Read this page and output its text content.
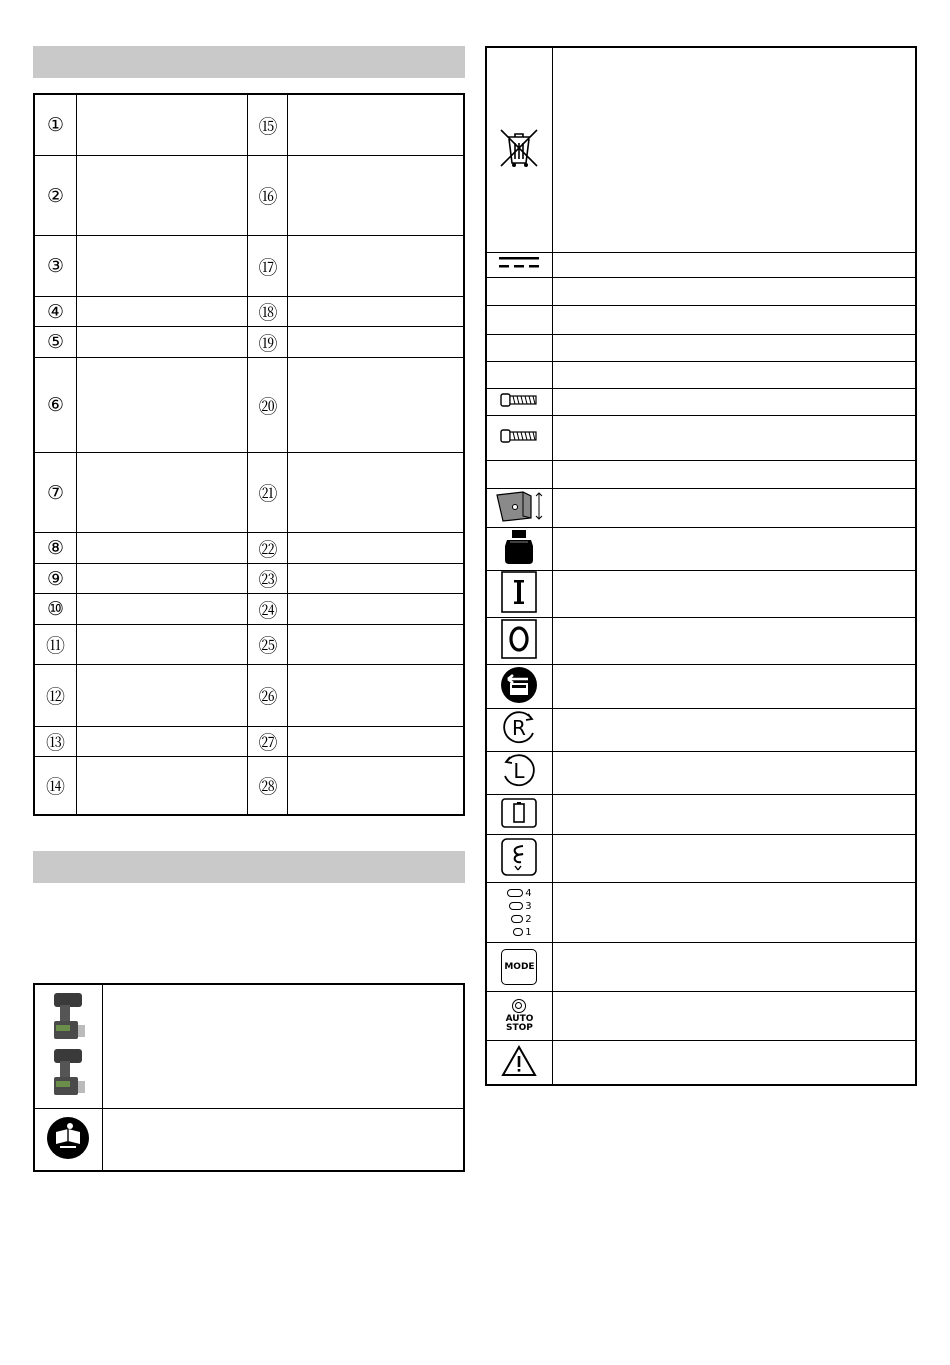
①		⑮	
②		⑯	
③		⑰	
④		⑱	
⑤		⑲	
⑥		⑳	
⑦		㉑	
⑧		㉒	
⑨		㉓	
⑩		㉔	
⑪		㉕	
⑫		㉖	
⑬		㉗	
⑭		㉘	

R	

L	

4
3
2
1	

MODE	

AUTO
STOP	
